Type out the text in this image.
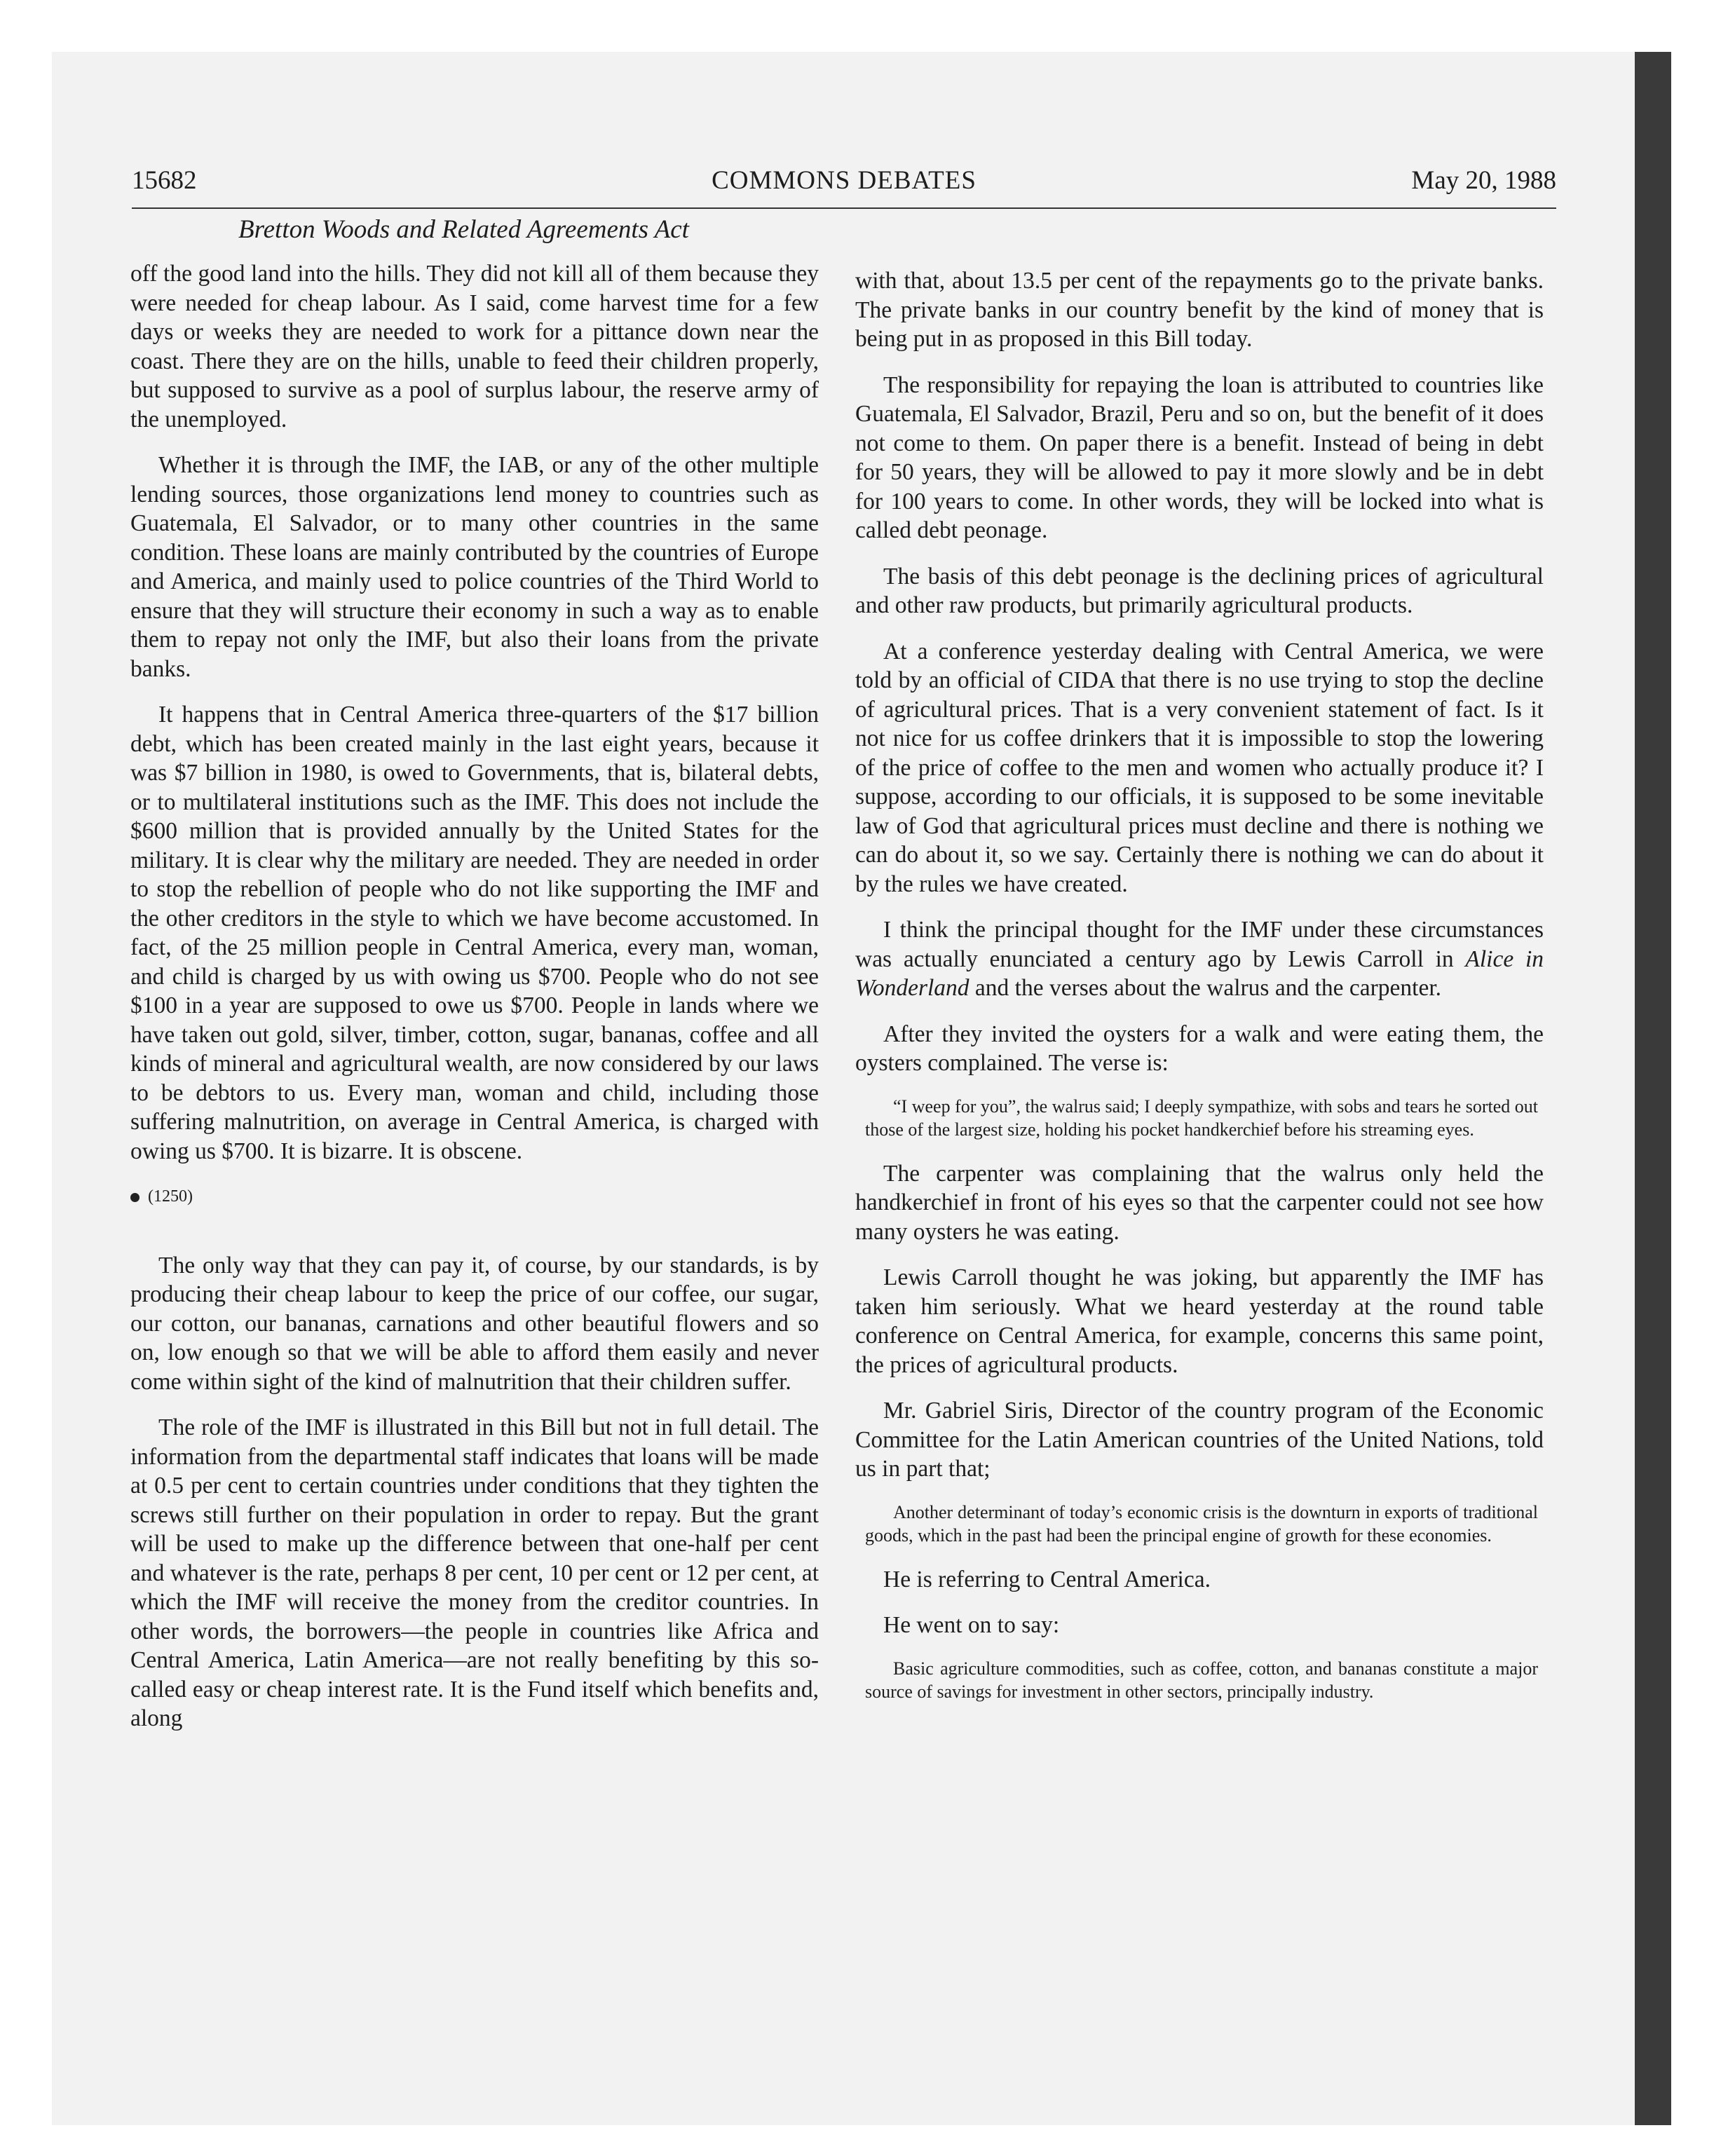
15682	COMMONS DEBATES	May 20, 1988
Bretton Woods and Related Agreements Act

off the good land into the hills. They did not kill all of them because they were needed for cheap labour. As I said, come harvest time for a few days or weeks they are needed to work for a pittance down near the coast. There they are on the hills, unable to feed their children properly, but supposed to survive as a pool of surplus labour, the reserve army of the unemployed.

Whether it is through the IMF, the IAB, or any of the other multiple lending sources, those organizations lend money to countries such as Guatemala, El Salvador, or to many other countries in the same condition. These loans are mainly contributed by the countries of Europe and America, and mainly used to police countries of the Third World to ensure that they will structure their economy in such a way as to enable them to repay not only the IMF, but also their loans from the private banks.

It happens that in Central America three-quarters of the $17 billion debt, which has been created mainly in the last eight years, because it was $7 billion in 1980, is owed to Governments, that is, bilateral debts, or to multilateral institutions such as the IMF. This does not include the $600 million that is provided annually by the United States for the military. It is clear why the military are needed. They are needed in order to stop the rebellion of people who do not like supporting the IMF and the other creditors in the style to which we have become accustomed. In fact, of the 25 million people in Central America, every man, woman, and child is charged by us with owing us $700. People who do not see $100 in a year are supposed to owe us $700. People in lands where we have taken out gold, silver, timber, cotton, sugar, bananas, coffee and all kinds of mineral and agricultural wealth, are now considered by our laws to be debtors to us. Every man, woman and child, including those suffering malnutrition, on average in Central America, is charged with owing us $700. It is bizarre. It is obscene.

(1250)

The only way that they can pay it, of course, by our standards, is by producing their cheap labour to keep the price of our coffee, our sugar, our cotton, our bananas, carnations and other beautiful flowers and so on, low enough so that we will be able to afford them easily and never come within sight of the kind of malnutrition that their children suffer.

The role of the IMF is illustrated in this Bill but not in full detail. The information from the departmental staff indicates that loans will be made at 0.5 per cent to certain countries under conditions that they tighten the screws still further on their population in order to repay. But the grant will be used to make up the difference between that one-half per cent and whatever is the rate, perhaps 8 per cent, 10 per cent or 12 per cent, at which the IMF will receive the money from the creditor countries. In other words, the borrowers—the people in countries like Africa and Central America, Latin America—are not really benefiting by this so-called easy or cheap interest rate. It is the Fund itself which benefits and, along

with that, about 13.5 per cent of the repayments go to the private banks. The private banks in our country benefit by the kind of money that is being put in as proposed in this Bill today.

The responsibility for repaying the loan is attributed to countries like Guatemala, El Salvador, Brazil, Peru and so on, but the benefit of it does not come to them. On paper there is a benefit. Instead of being in debt for 50 years, they will be allowed to pay it more slowly and be in debt for 100 years to come. In other words, they will be locked into what is called debt peonage.

The basis of this debt peonage is the declining prices of agricultural and other raw products, but primarily agricultural products.

At a conference yesterday dealing with Central America, we were told by an official of CIDA that there is no use trying to stop the decline of agricultural prices. That is a very convenient statement of fact. Is it not nice for us coffee drinkers that it is impossible to stop the lowering of the price of coffee to the men and women who actually produce it? I suppose, according to our officials, it is supposed to be some inevitable law of God that agricultural prices must decline and there is nothing we can do about it, so we say. Certainly there is nothing we can do about it by the rules we have created.

I think the principal thought for the IMF under these circumstances was actually enunciated a century ago by Lewis Carroll in Alice in Wonderland and the verses about the walrus and the carpenter.

After they invited the oysters for a walk and were eating them, the oysters complained. The verse is:

“I weep for you”, the walrus said; I deeply sympathize, with sobs and tears he sorted out those of the largest size, holding his pocket handkerchief before his streaming eyes.

The carpenter was complaining that the walrus only held the handkerchief in front of his eyes so that the carpenter could not see how many oysters he was eating.

Lewis Carroll thought he was joking, but apparently the IMF has taken him seriously. What we heard yesterday at the round table conference on Central America, for example, concerns this same point, the prices of agricultural products.

Mr. Gabriel Siris, Director of the country program of the Economic Committee for the Latin American countries of the United Nations, told us in part that;

Another determinant of today’s economic crisis is the downturn in exports of traditional goods, which in the past had been the principal engine of growth for these economies.

He is referring to Central America.

He went on to say:

Basic agriculture commodities, such as coffee, cotton, and bananas constitute a major source of savings for investment in other sectors, principally industry.
